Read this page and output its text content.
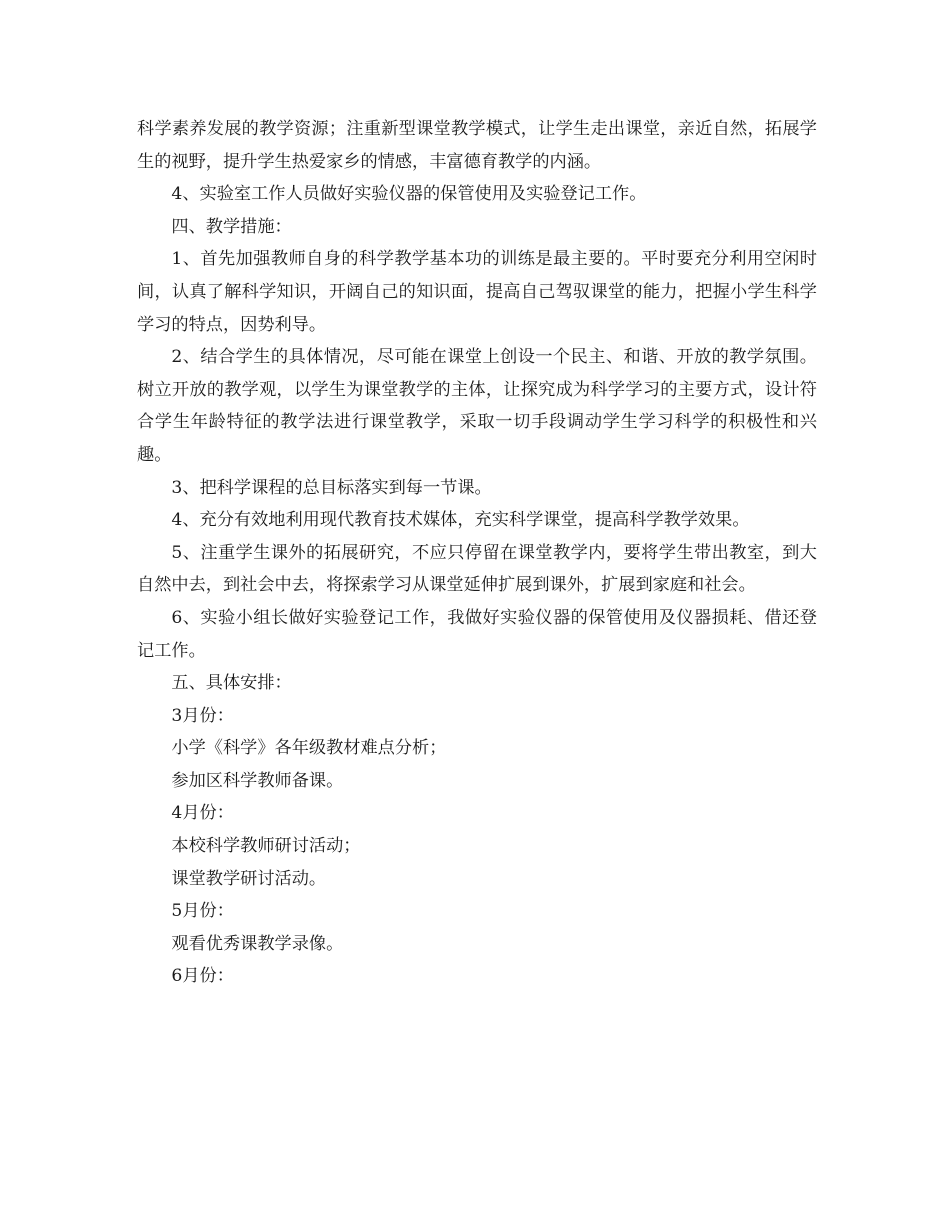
科学素养发展的教学资源；注重新型课堂教学模式，让学生走出课堂，亲近自然，拓展学生的视野，提升学生热爱家乡的情感，丰富德育教学的内涵。

4、实验室工作人员做好实验仪器的保管使用及实验登记工作。

四、教学措施：

1、首先加强教师自身的科学教学基本功的训练是最主要的。平时要充分利用空闲时间，认真了解科学知识，开阔自己的知识面，提高自己驾驭课堂的能力，把握小学生科学学习的特点，因势利导。

2、结合学生的具体情况，尽可能在课堂上创设一个民主、和谐、开放的教学氛围。树立开放的教学观，以学生为课堂教学的主体，让探究成为科学学习的主要方式，设计符合学生年龄特征的教学法进行课堂教学，采取一切手段调动学生学习科学的积极性和兴趣。

3、把科学课程的总目标落实到每一节课。

4、充分有效地利用现代教育技术媒体，充实科学课堂，提高科学教学效果。

5、注重学生课外的拓展研究，不应只停留在课堂教学内，要将学生带出教室，到大自然中去，到社会中去，将探索学习从课堂延伸扩展到课外，扩展到家庭和社会。

6、实验小组长做好实验登记工作，我做好实验仪器的保管使用及仪器损耗、借还登记工作。

五、具体安排：

3月份：

小学《科学》各年级教材难点分析；

参加区科学教师备课。

4月份：

本校科学教师研讨活动；

课堂教学研讨活动。

5月份：

观看优秀课教学录像。

6月份：
